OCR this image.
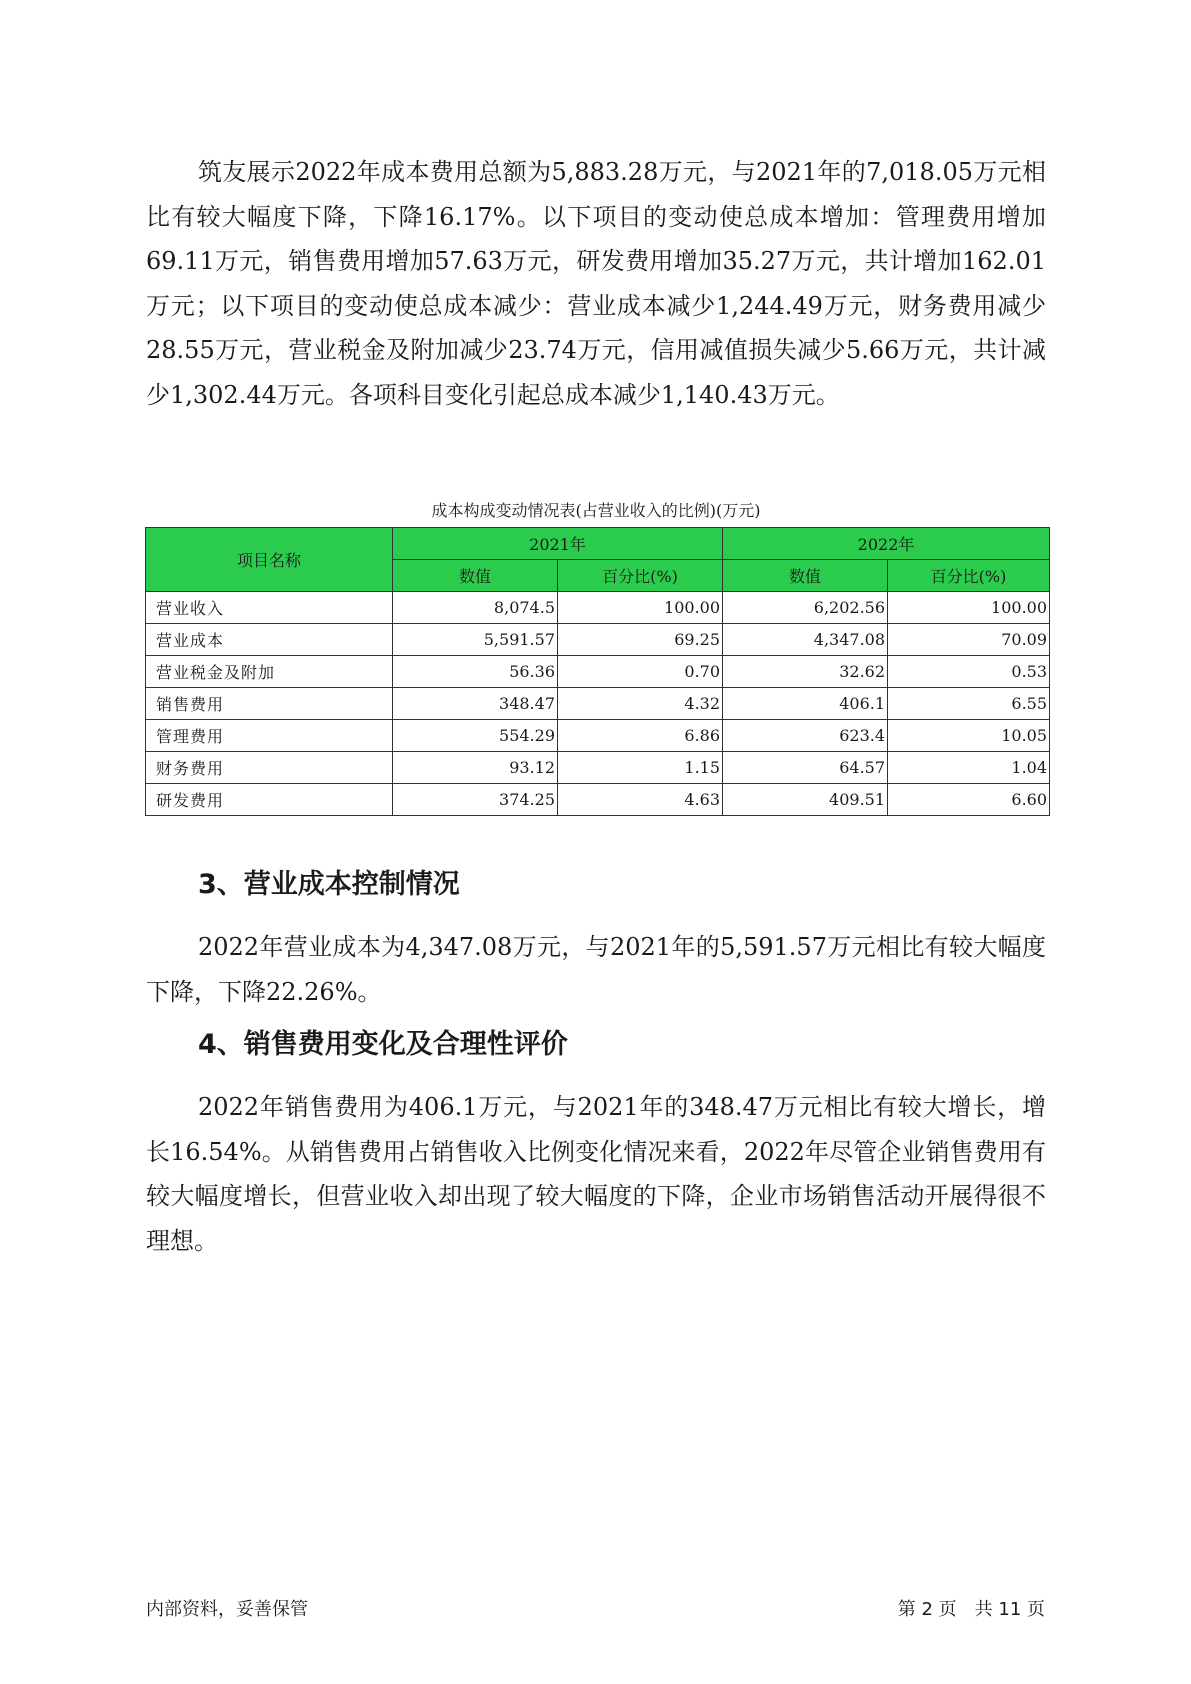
筑友展示2022年成本费用总额为5,883.28万元，与2021年的7,018.05万元相比有较大幅度下降，下降16.17%。以下项目的变动使总成本增加：管理费用增加69.11万元，销售费用增加57.63万元，研发费用增加35.27万元，共计增加162.01万元；以下项目的变动使总成本减少：营业成本减少1,244.49万元，财务费用减少28.55万元，营业税金及附加减少23.74万元，信用减值损失减少5.66万元，共计减少1,302.44万元。各项科目变化引起总成本减少1,140.43万元。

成本构成变动情况表(占营业收入的比例)(万元)

项目名称	2021年		2022年	
	数值	百分比(%)	数值	百分比(%)
营业收入	8,074.5	100.00	6,202.56	100.00
营业成本	5,591.57	69.25	4,347.08	70.09
营业税金及附加	56.36	0.70	32.62	0.53
销售费用	348.47	4.32	406.1	6.55
管理费用	554.29	6.86	623.4	10.05
财务费用	93.12	1.15	64.57	1.04
研发费用	374.25	4.63	409.51	6.60
3、营业成本控制情况

2022年营业成本为4,347.08万元，与2021年的5,591.57万元相比有较大幅度下降，下降22.26%。

4、销售费用变化及合理性评价

2022年销售费用为406.1万元，与2021年的348.47万元相比有较大增长，增长16.54%。从销售费用占销售收入比例变化情况来看，2022年尽管企业销售费用有较大幅度增长，但营业收入却出现了较大幅度的下降，企业市场销售活动开展得很不理想。

内部资料，妥善保管	第 2 页　共 11 页
